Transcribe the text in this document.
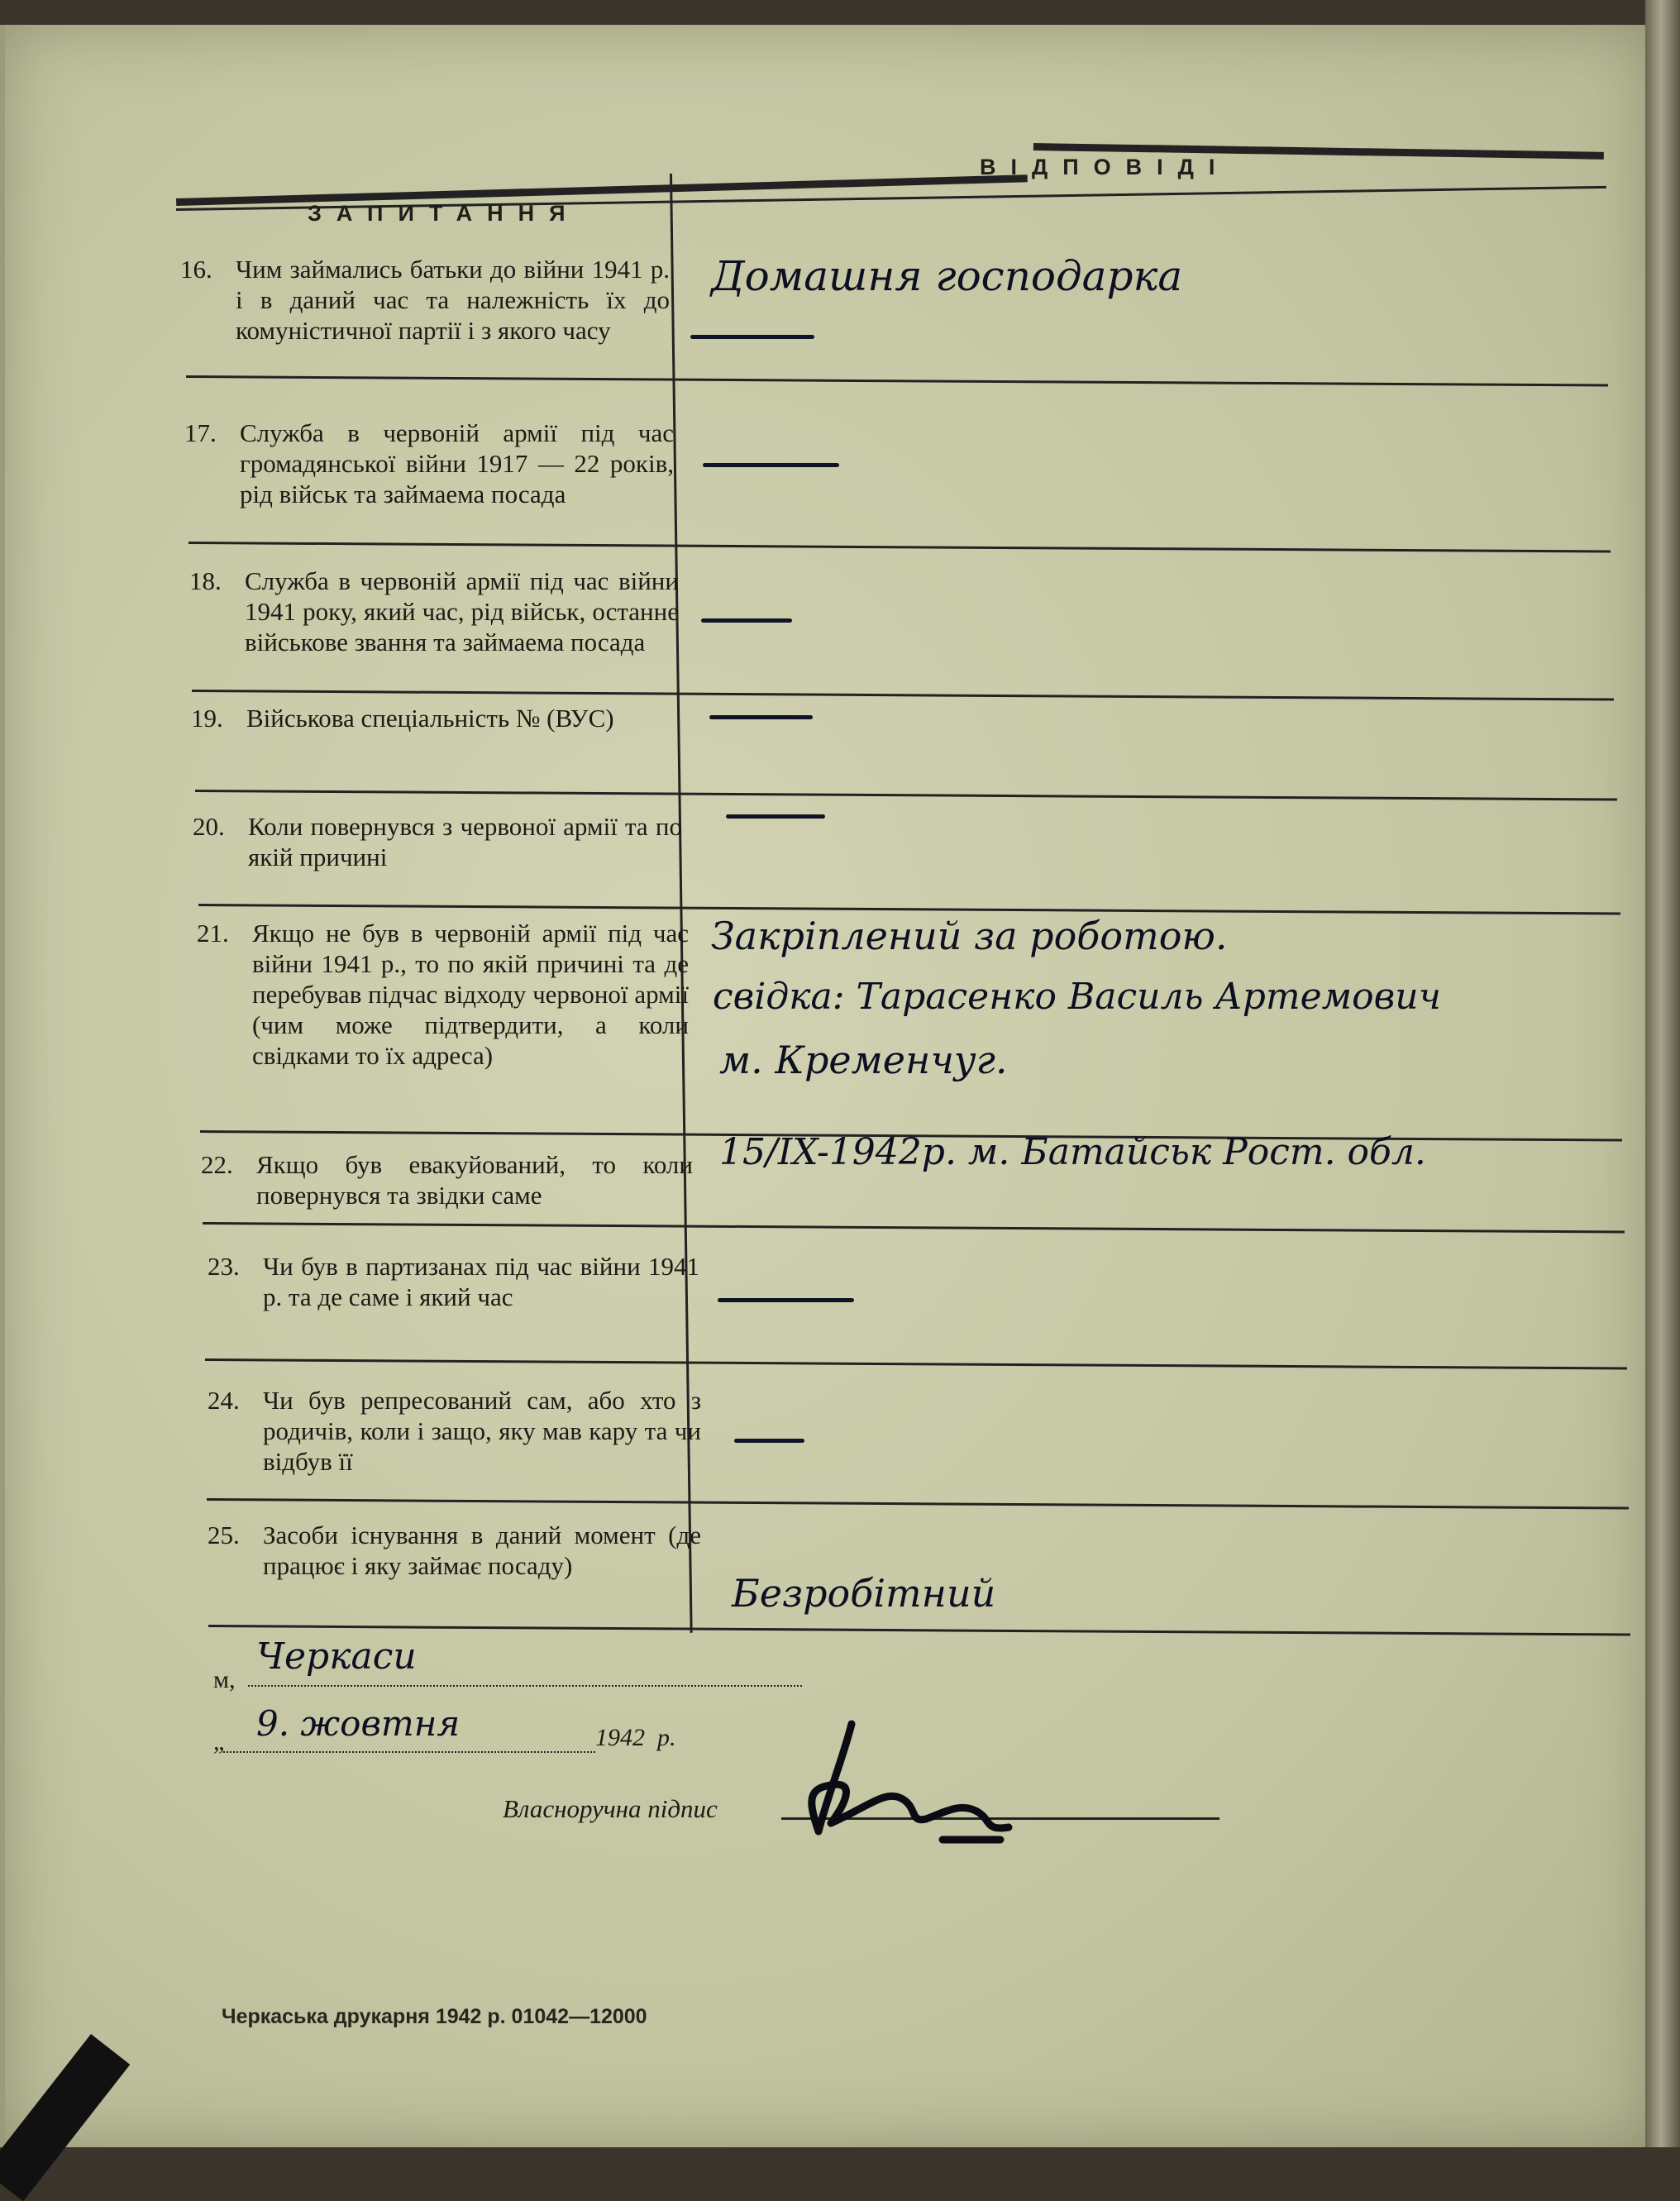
ЗАПИТАННЯ
ВІДПОВІДІ
16. Чим займались батьки до війни 1941 р. і в даний час та належність їх до комуністичної партії і з якого часу
17. Служба в червоній армії під час громадянської війни 1917 — 22 років, рід військ та займаема посада
18. Служба в червоній армії під час війни 1941 року, який час, рід військ, останне військове звання та займаема посада
19. Військова спеціальність № (ВУС)
20. Коли повернувся з червоної армії та по якій причині
21. Якщо не був в червоній армії під час війни 1941 р., то по якій причині та де перебував підчас відходу червоної армії (чим може підтвердити, а коли свідками то їх адреса)
22. Якщо був евакуйований, то коли повернувся та звідки саме
23. Чи був в партизанах під час війни 1941 р. та де саме і який час
24. Чи був репресований сам, або хто з родичів, коли і защо, яку мав кару та чи відбув її
25. Засоби існування в даний момент (де працює і яку займає посаду)
Домашня господарка
Закріплений за роботою.
свідка: Тарасенко Василь Артемович
м. Кременчуг.
15/IX-1942р. м. Батайськ Рост. обл.
Безробітний
м,
Черкаси
„ 9. жовтня	1942 р.
Власноручна підпис
Черкаська друкарня 1942 р. 01042—12000
